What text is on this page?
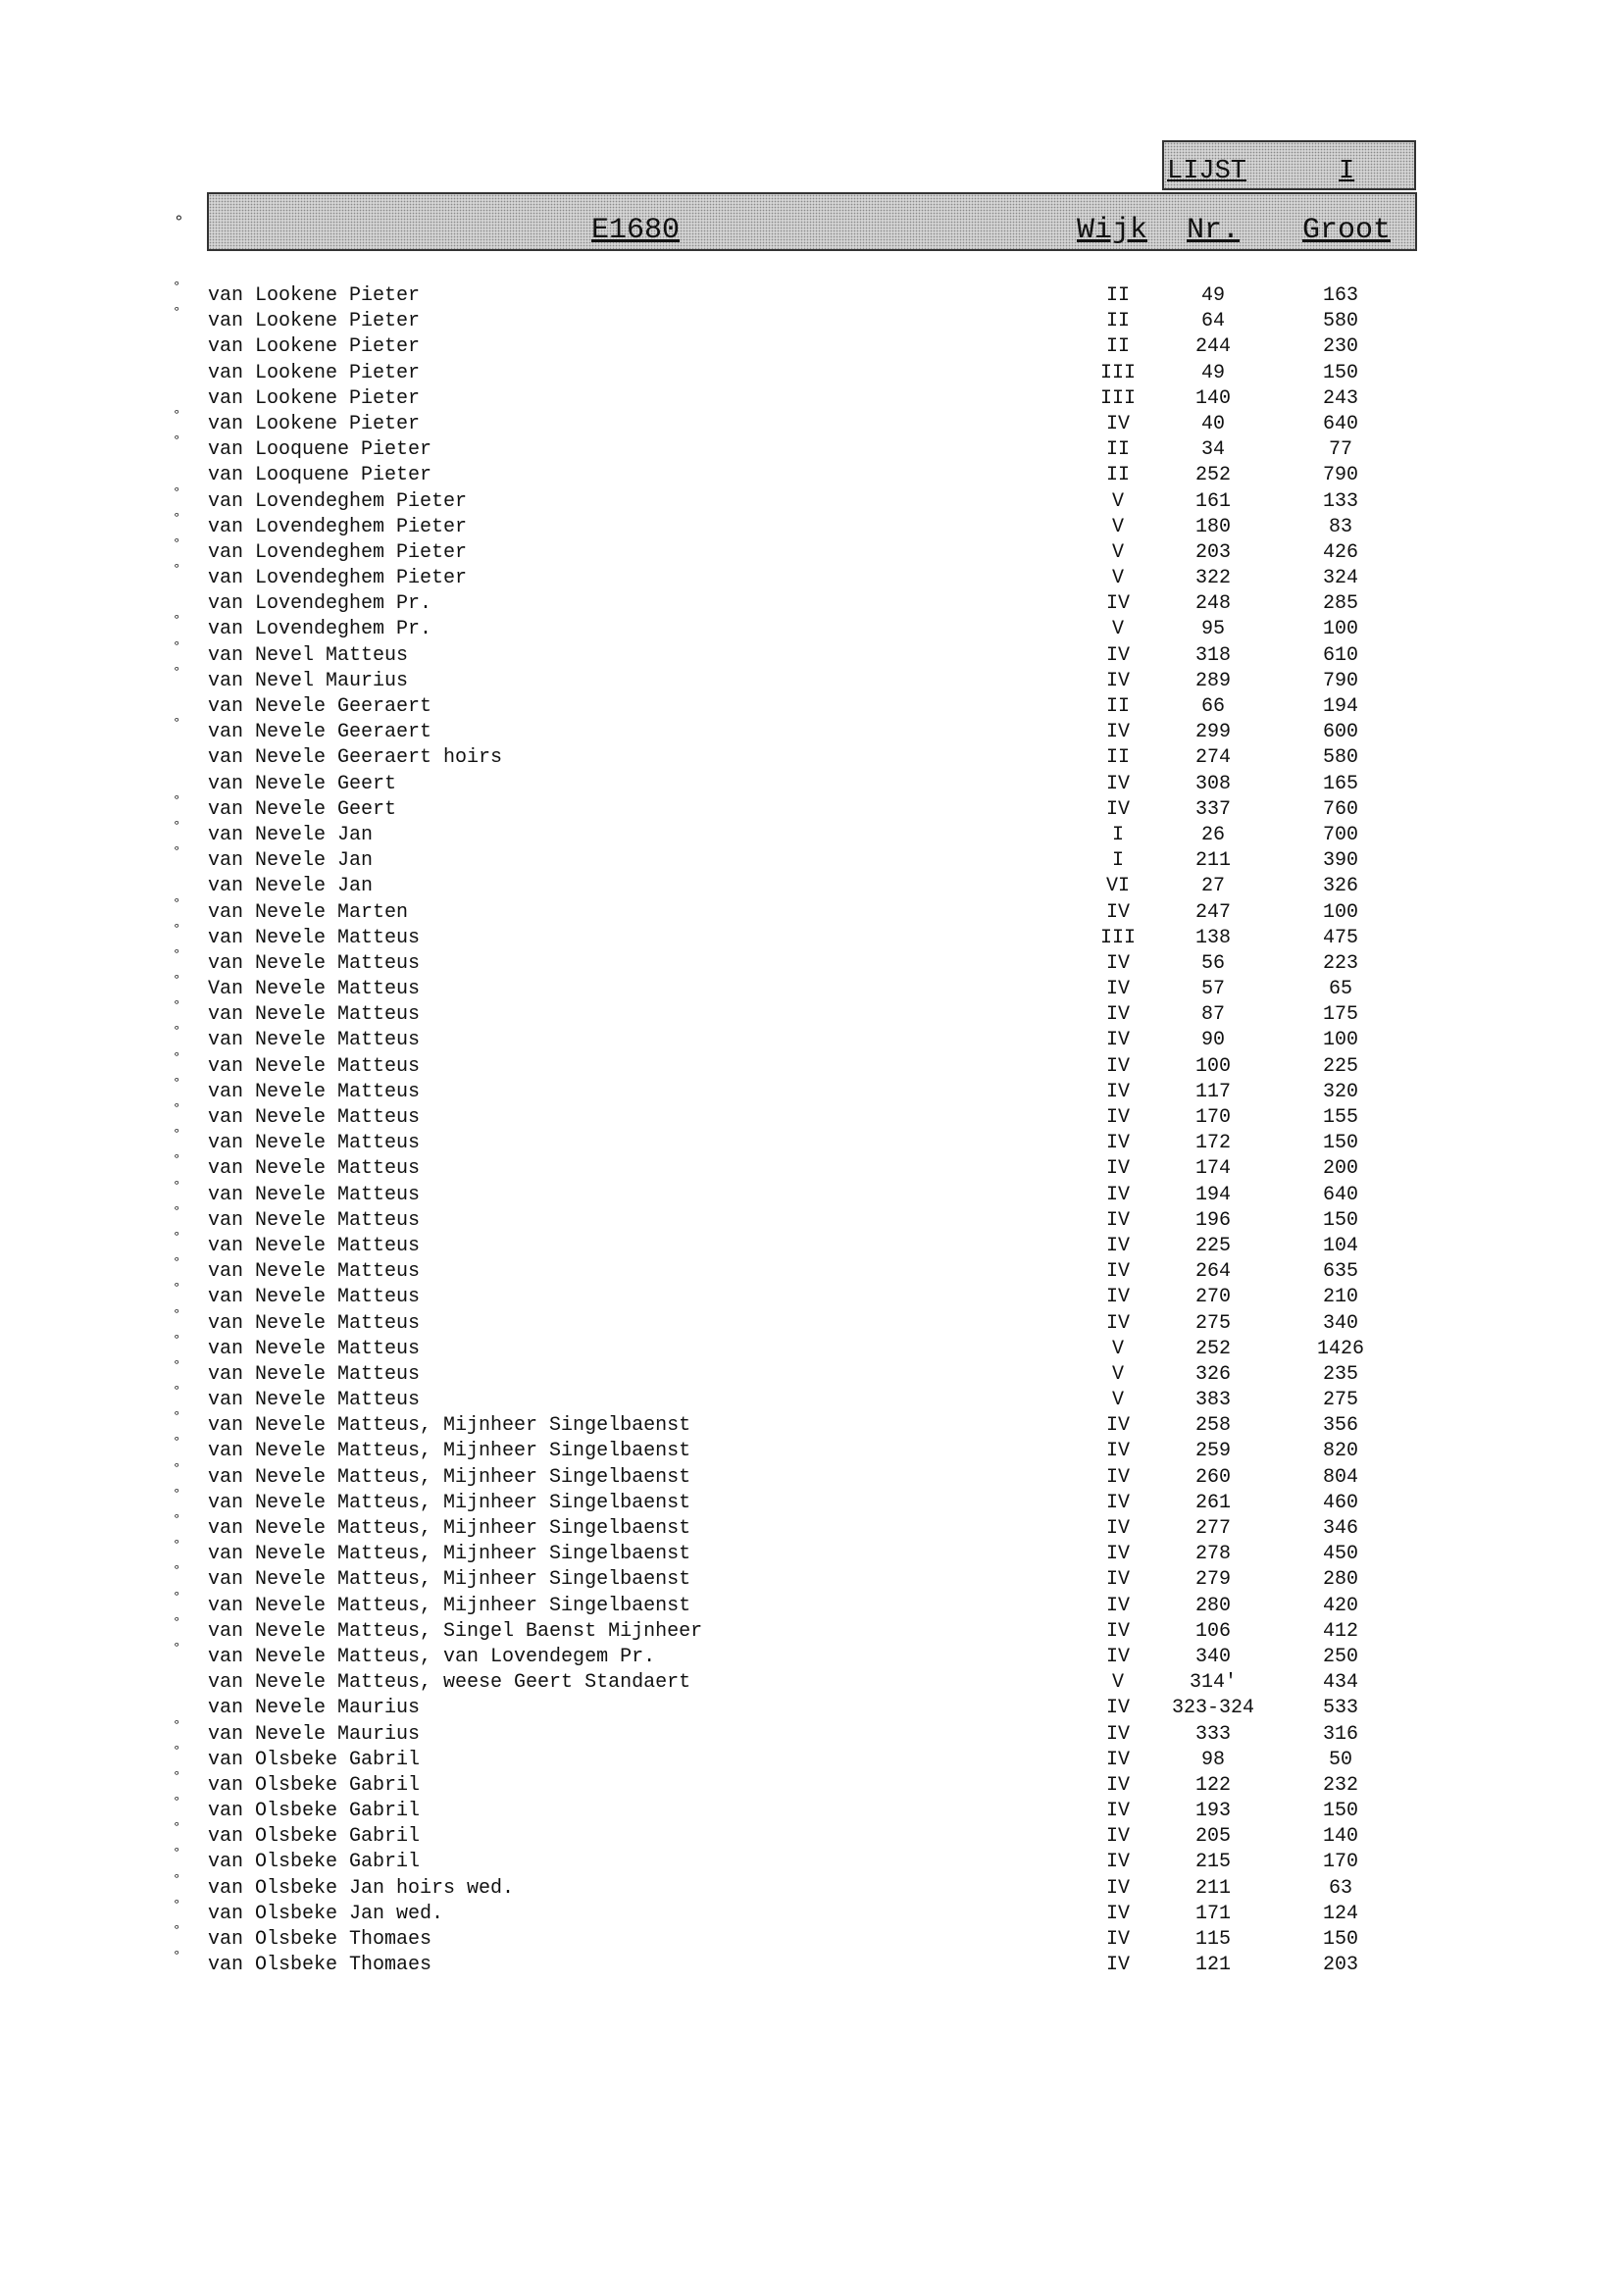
LIJST	I
°	E1680	Wijk Nr. Groot
° van Lookene Pieter	II	49	163
° van Lookene Pieter	II	64	580
van Lookene Pieter	II	244	230
van Lookene Pieter	III	49	150
van Lookene Pieter	III	140	243
° van Lookene Pieter	IV	40	640
° van Looquene Pieter	II	34	77
van Looquene Pieter	II	252	790
° van Lovendeghem Pieter	V	161	133
° van Lovendeghem Pieter	V	180	83
° van Lovendeghem Pieter	V	203	426
° van Lovendeghem Pieter	V	322	324
van Lovendeghem Pr.	IV	248	285
° van Lovendeghem Pr.	V	95	100
° van Nevel Matteus	IV	318	610
° van Nevel Maurius	IV	289	790
van Nevele Geeraert	II	66	194
° van Nevele Geeraert	IV	299	600
van Nevele Geeraert hoirs	II	274	580
van Nevele Geert	IV	308	165
° van Nevele Geert	IV	337	760
° van Nevele Jan	I	26	700
° van Nevele Jan	I	211	390
van Nevele Jan	VI	27	326
° van Nevele Marten	IV	247	100
° van Nevele Matteus	III	138	475
° van Nevele Matteus	IV	56	223
° Van Nevele Matteus	IV	57	65
° van Nevele Matteus	IV	87	175
° van Nevele Matteus	IV	90	100
° van Nevele Matteus	IV	100	225
° van Nevele Matteus	IV	117	320
° van Nevele Matteus	IV	170	155
° van Nevele Matteus	IV	172	150
° van Nevele Matteus	IV	174	200
° van Nevele Matteus	IV	194	640
° van Nevele Matteus	IV	196	150
° van Nevele Matteus	IV	225	104
° van Nevele Matteus	IV	264	635
° van Nevele Matteus	IV	270	210
° van Nevele Matteus	IV	275	340
° van Nevele Matteus	V	252	1426
° van Nevele Matteus	V	326	235
° van Nevele Matteus	V	383	275
° van Nevele Matteus, Mijnheer Singelbaenst	IV	258	356
° van Nevele Matteus, Mijnheer Singelbaenst	IV	259	820
° van Nevele Matteus, Mijnheer Singelbaenst	IV	260	804
° van Nevele Matteus, Mijnheer Singelbaenst	IV	261	460
° van Nevele Matteus, Mijnheer Singelbaenst	IV	277	346
° van Nevele Matteus, Mijnheer Singelbaenst	IV	278	450
° van Nevele Matteus, Mijnheer Singelbaenst	IV	279	280
° van Nevele Matteus, Mijnheer Singelbaenst	IV	280	420
° van Nevele Matteus, Singel Baenst Mijnheer	IV	106	412
° van Nevele Matteus, van Lovendegem Pr.	IV	340	250
van Nevele Matteus, weese Geert Standaert	V	314'	434
van Nevele Maurius	IV	323-324	533
° van Nevele Maurius	IV	333	316
° van Olsbeke Gabril	IV	98	50
° van Olsbeke Gabril	IV	122	232
° van Olsbeke Gabril	IV	193	150
° van Olsbeke Gabril	IV	205	140
° van Olsbeke Gabril	IV	215	170
° van Olsbeke Jan hoirs wed.	IV	211	63
° van Olsbeke Jan wed.	IV	171	124
° van Olsbeke Thomaes	IV	115	150
° van Olsbeke Thomaes	IV	121	203
